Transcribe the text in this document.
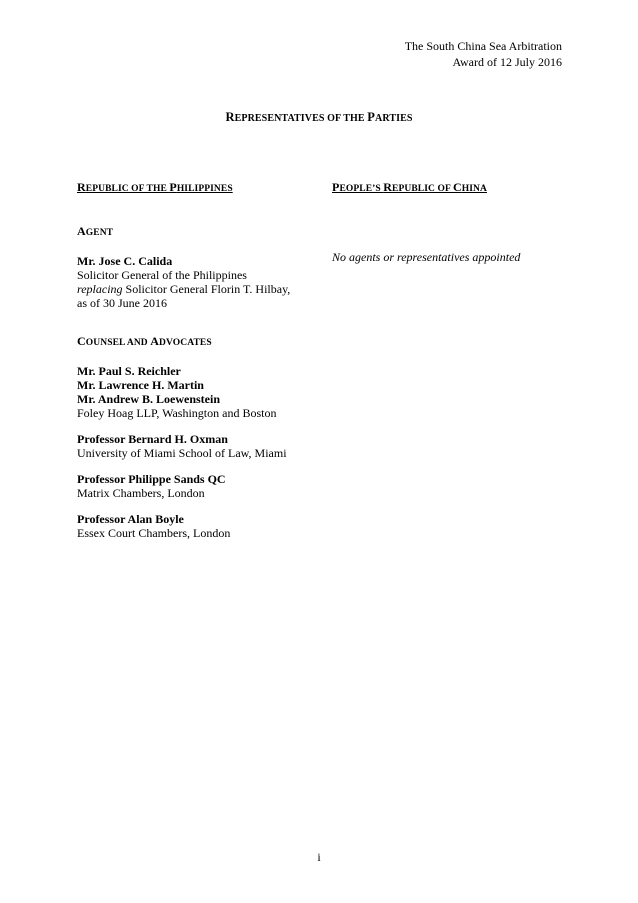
The South China Sea Arbitration
Award of 12 July 2016
REPRESENTATIVES OF THE PARTIES
REPUBLIC OF THE PHILIPPINES
AGENT
Mr. Jose C. Calida
Solicitor General of the Philippines
replacing Solicitor General Florin T. Hilbay,
as of 30 June 2016
COUNSEL AND ADVOCATES
Mr. Paul S. Reichler
Mr. Lawrence H. Martin
Mr. Andrew B. Loewenstein
Foley Hoag LLP, Washington and Boston
Professor Bernard H. Oxman
University of Miami School of Law, Miami
Professor Philippe Sands QC
Matrix Chambers, London
Professor Alan Boyle
Essex Court Chambers, London
PEOPLE’S REPUBLIC OF CHINA
No agents or representatives appointed
i
